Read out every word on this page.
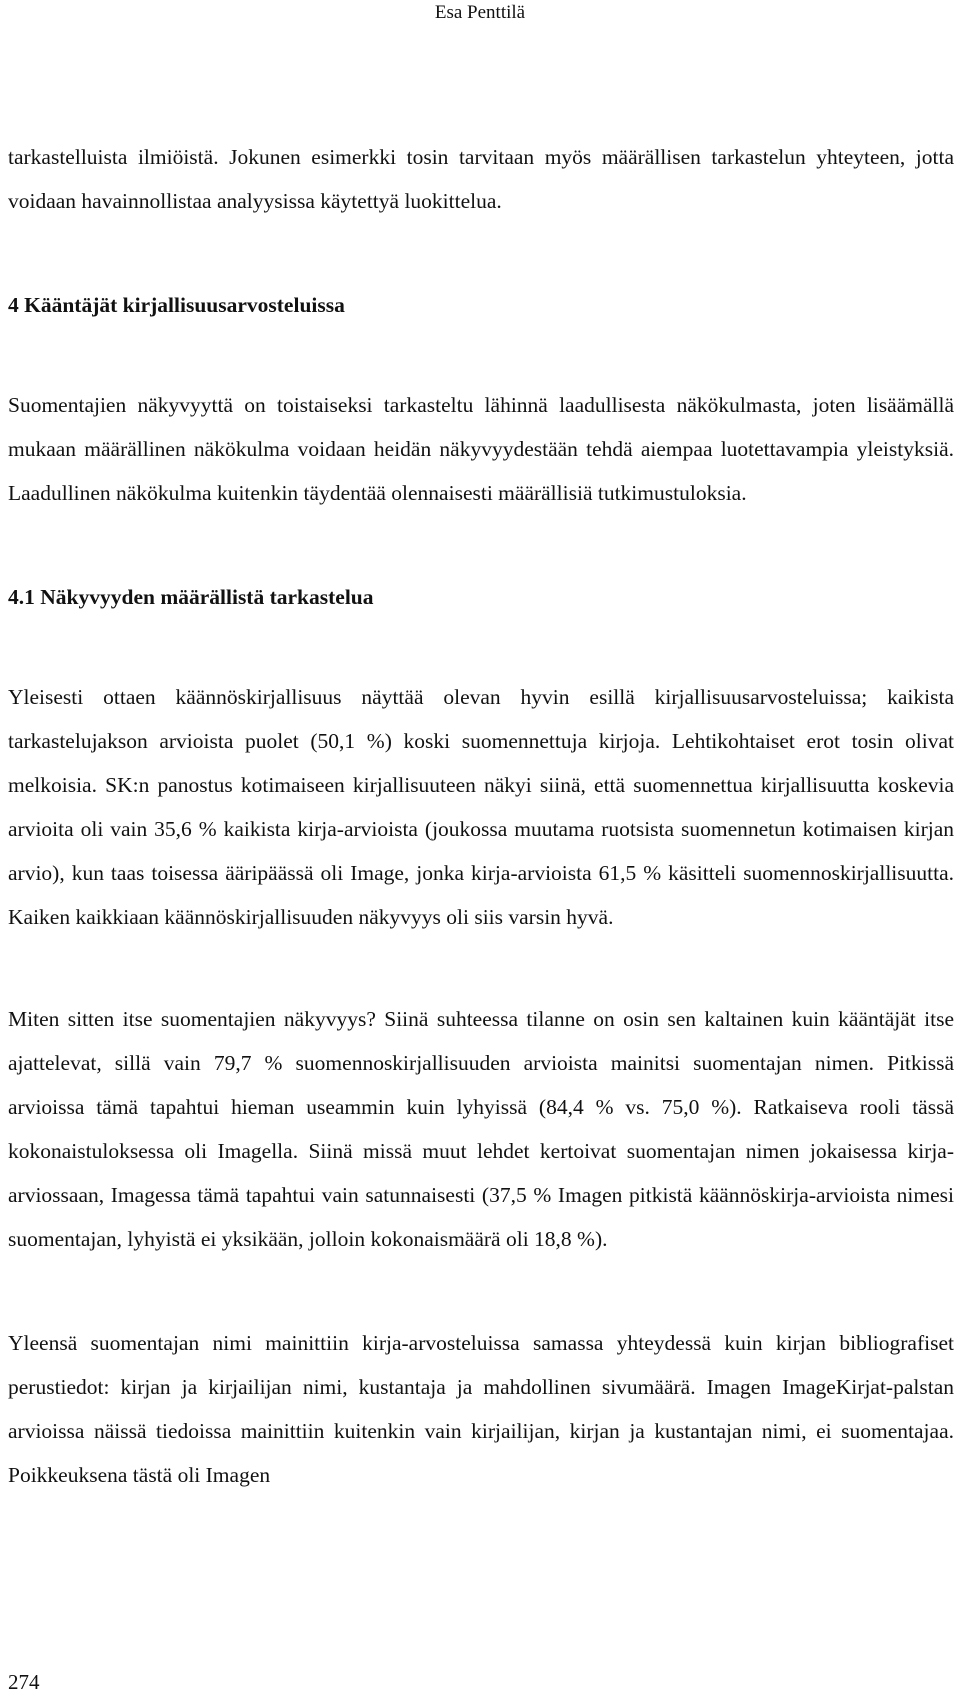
Esa Penttilä

tarkastelluista ilmiöistä. Jokunen esimerkki tosin tarvitaan myös määrällisen tarkastelun yhteyteen, jotta voidaan havainnollistaa analyysissa käytettyä luokittelua.

4 Kääntäjät kirjallisuusarvosteluissa

Suomentajien näkyvyyttä on toistaiseksi tarkasteltu lähinnä laadullisesta näkökulmasta, joten lisäämällä mukaan määrällinen näkökulma voidaan heidän näkyvyydestään tehdä aiempaa luotettavampia yleistyksiä. Laadullinen näkökulma kuitenkin täydentää olennaisesti määrällisiä tutkimustuloksia.

4.1 Näkyvyyden määrällistä tarkastelua

Yleisesti ottaen käännöskirjallisuus näyttää olevan hyvin esillä kirjallisuusarvosteluissa; kaikista tarkastelujakson arvioista puolet (50,1 %) koski suomennettuja kirjoja. Lehtikohtaiset erot tosin olivat melkoisia. SK:n panostus kotimaiseen kirjallisuuteen näkyi siinä, että suomennettua kirjallisuutta koskevia arvioita oli vain 35,6 % kaikista kirja-arvioista (joukossa muutama ruotsista suomennetun kotimaisen kirjan arvio), kun taas toisessa ääripäässä oli Image, jonka kirja-arvioista 61,5 % käsitteli suomennoskirjallisuutta. Kaiken kaikkiaan käännöskirjallisuuden näkyvyys oli siis varsin hyvä.

Miten sitten itse suomentajien näkyvyys? Siinä suhteessa tilanne on osin sen kaltainen kuin kääntäjät itse ajattelevat, sillä vain 79,7 % suomennoskirjallisuuden arvioista mainitsi suomentajan nimen. Pitkissä arvioissa tämä tapahtui hieman useammin kuin lyhyissä (84,4 % vs. 75,0 %). Ratkaiseva rooli tässä kokonaistuloksessa oli Imagella. Siinä missä muut lehdet kertoivat suomentajan nimen jokaisessa kirja-arviossaan, Imagessa tämä tapahtui vain satunnaisesti (37,5 % Imagen pitkistä käännöskirja-arvioista nimesi suomentajan, lyhyistä ei yksikään, jolloin kokonaismäärä oli 18,8 %).

Yleensä suomentajan nimi mainittiin kirja-arvosteluissa samassa yhteydessä kuin kirjan bibliografiset perustiedot: kirjan ja kirjailijan nimi, kustantaja ja mahdollinen sivumäärä. Imagen ImageKirjat-palstan arvioissa näissä tiedoissa mainittiin kuitenkin vain kirjailijan, kirjan ja kustantajan nimi, ei suomentajaa. Poikkeuksena tästä oli Imagen

274
